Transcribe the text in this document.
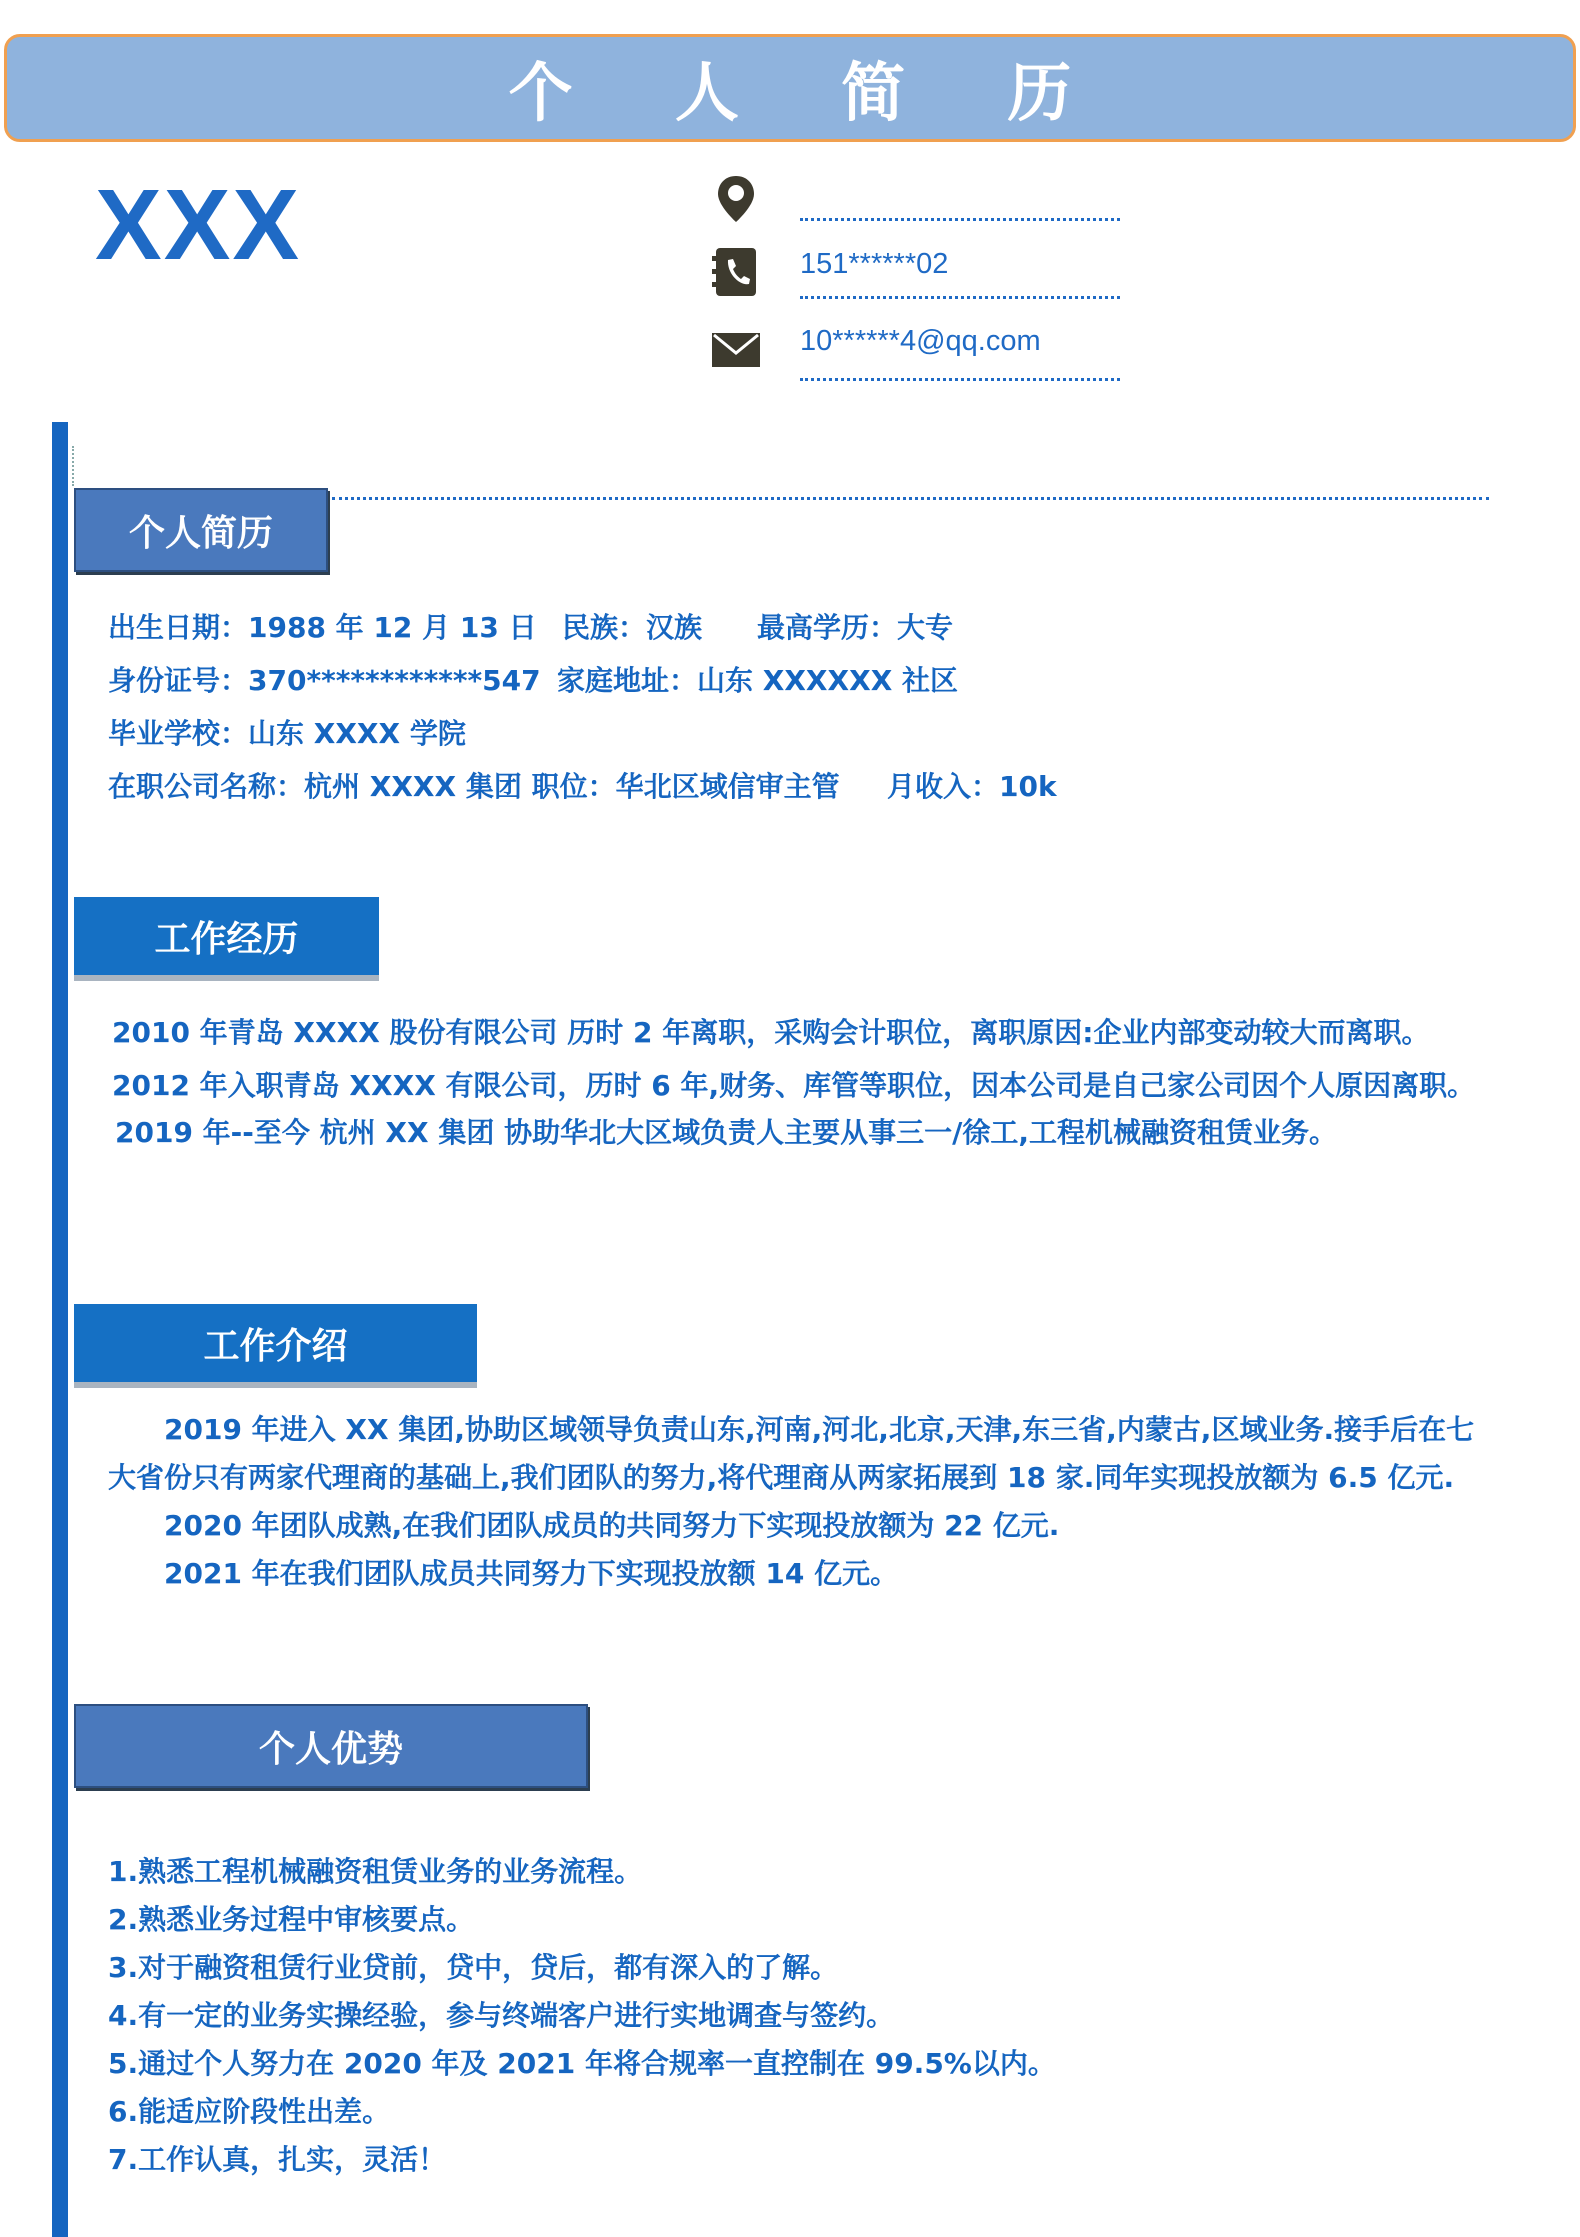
个 人 简 历
XXX	151******02
10******4@qq.com
个人简历
出生日期：1988 年 12 月 13 日 民族：汉族 最高学历：大专
身份证号：370************547 家庭地址：山东 XXXXXX 社区
毕业学校：山东 XXXX 学院
在职公司名称：杭州 XXXX 集团 职位：华北区域信审主管 月收入：10k
工作经历
2010 年青岛 XXXX 股份有限公司 历时 2 年离职，采购会计职位，离职原因:企业内部变动较大而离职。
2012 年入职青岛 XXXX 有限公司，历时 6 年,财务、库管等职位，因本公司是自己家公司因个人原因离职。
2019 年--至今 杭州 XX 集团 协助华北大区域负责人主要从事三一/徐工,工程机械融资租赁业务。
工作介绍

2019 年进入 XX 集团,协助区域领导负责山东,河南,河北,北京,天津,东三省,内蒙古,区域业务.接手后在七大省份只有两家代理商的基础上,我们团队的努力,将代理商从两家拓展到 18 家.同年实现投放额为 6.5 亿元.

2020 年团队成熟,在我们团队成员的共同努力下实现投放额为 22 亿元.

2021 年在我们团队成员共同努力下实现投放额 14 亿元。

个人优势
1.熟悉工程机械融资租赁业务的业务流程。
2.熟悉业务过程中审核要点。
3.对于融资租赁行业贷前，贷中，贷后，都有深入的了解。
4.有一定的业务实操经验，参与终端客户进行实地调查与签约。
5.通过个人努力在 2020 年及 2021 年将合规率一直控制在 99.5%以内。
6.能适应阶段性出差。
7.工作认真，扎实，灵活！
